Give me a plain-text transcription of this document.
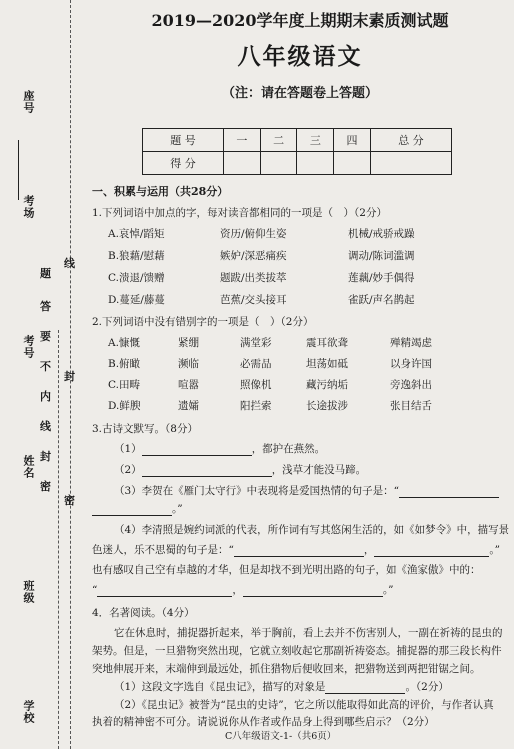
座号
考场
考号
姓名
班级
学校
题
答
要
不
内
线
封
密
线
封
密
2019—2020学年度上期期末素质测试题
八年级语文
（注：请在答题卷上答题）
题 号	一	二	三	四	总 分
得 分					
一、积累与运用（共28分）
1.下列词语中加点的字，每对读音都相同的一项是（　）（2分）
A.哀悼/蹈矩	资历/俯仰生姿	机械/戒骄戒躁
B.狼藉/慰藉	嫉妒/深恶痛疾	调动/陈词滥调
C.溃退/馈赠	题跋/出类拔萃	莲藕/妙手偶得
D.蔓延/藤蔓	芭蕉/交头接耳	雀跃/声名鹊起
2.下列词语中没有错别字的一项是（　）（2分）
A.慷慨	紧绷	满堂彩	震耳欲聋	殚精竭虑
B.俯瞰	濒临	必需品	坦荡如砥	以身许国
C.田畴	喧嚣	照像机	藏污纳垢	旁逸斜出
D.鲜腴	遗孀	阳拦索	长途拔涉	张目结舌
3.古诗文默写。（8分）
（1）	，都护在燕然。
（2）	，浅草才能没马蹄。
（3）李贺在《雁门太守行》中表现将是爱国热情的句子是：“
。”
（4）李清照是婉约词派的代表，所作词有写其悠闲生活的，如《如梦令》中，描写景
色迷人，乐不思蜀的句子是：“	，	。”
也有感叹自己空有卓越的才华，但是却找不到光明出路的句子，如《渔家傲》中的：
“	，	。”
4．名著阅读。（4分）
它在休息时，捕捉器折起来，举于胸前，看上去并不伤害别人，一副在祈祷的昆虫的
架势。但是，一旦猎物突然出现，它就立刻收起它那副祈祷姿态。捕捉器的那三段长构件
突地伸展开来，末端伸到最远处，抓住猎物后便收回来，把猎物送到两把钳锯之间。
（1）这段文字选自《昆虫记》，描写的对象是	。（2分）
（2）《昆虫记》被誉为“昆虫的史诗”，它之所以能取得如此高的评价，与作者认真
执着的精神密不可分。请说说你从作者或作品身上得到哪些启示？（2分）
C八年级语文-1-（共6页）
